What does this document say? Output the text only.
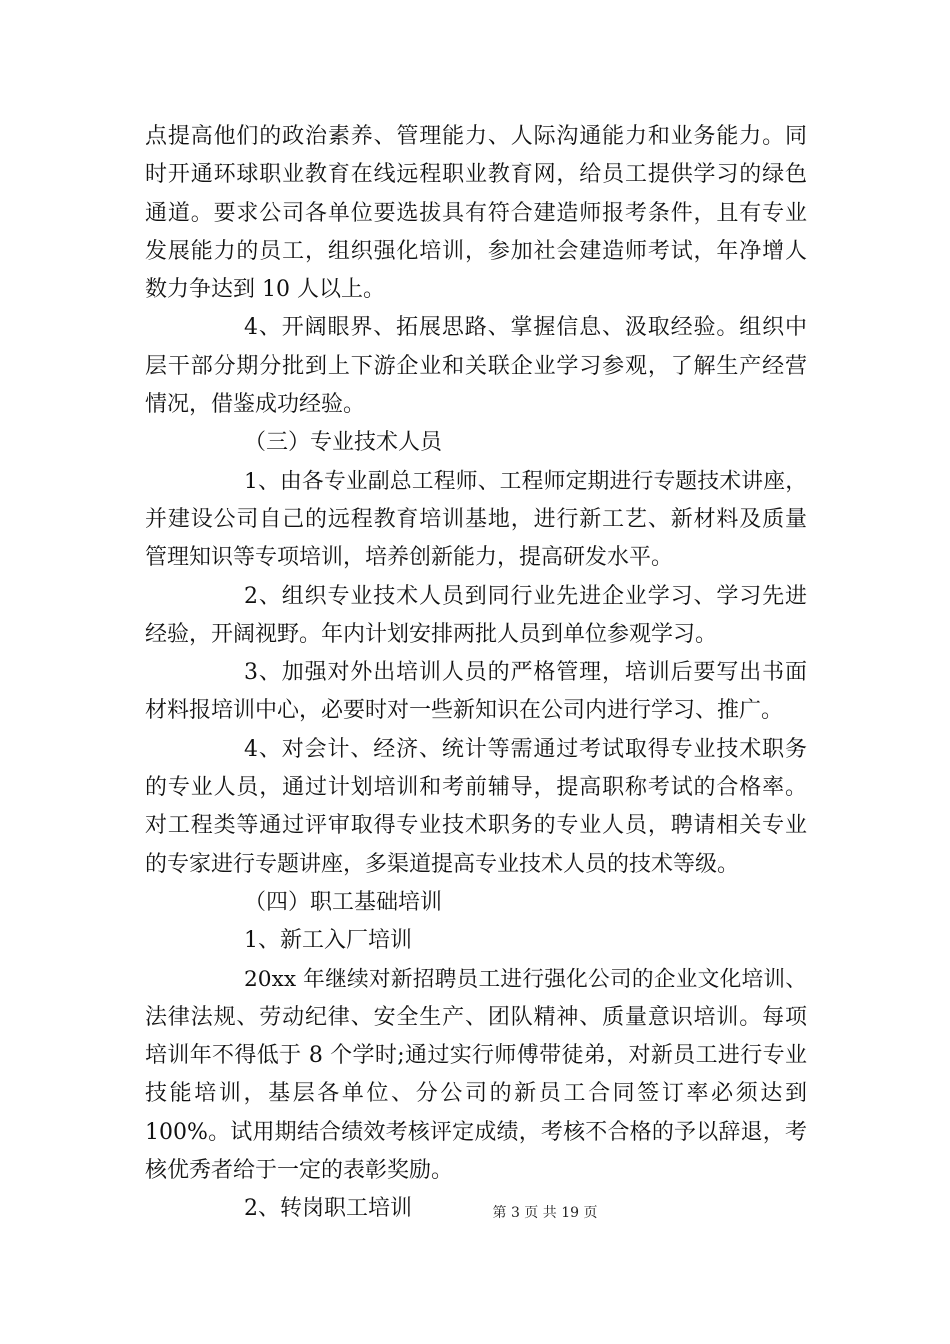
点提高他们的政治素养、管理能力、人际沟通能力和业务能力。同
时开通环球职业教育在线远程职业教育网，给员工提供学习的绿色
通道。要求公司各单位要选拔具有符合建造师报考条件，且有专业
发展能力的员工，组织强化培训，参加社会建造师考试，年净增人
数力争达到 10 人以上。
4、开阔眼界、拓展思路、掌握信息、汲取经验。组织中
层干部分期分批到上下游企业和关联企业学习参观，了解生产经营
情况，借鉴成功经验。
（三）专业技术人员
1、由各专业副总工程师、工程师定期进行专题技术讲座，
并建设公司自己的远程教育培训基地，进行新工艺、新材料及质量
管理知识等专项培训，培养创新能力，提高研发水平。
2、组织专业技术人员到同行业先进企业学习、学习先进
经验，开阔视野。年内计划安排两批人员到单位参观学习。
3、加强对外出培训人员的严格管理，培训后要写出书面
材料报培训中心，必要时对一些新知识在公司内进行学习、推广。
4、对会计、经济、统计等需通过考试取得专业技术职务
的专业人员，通过计划培训和考前辅导，提高职称考试的合格率。
对工程类等通过评审取得专业技术职务的专业人员，聘请相关专业
的专家进行专题讲座，多渠道提高专业技术人员的技术等级。
（四）职工基础培训
1、新工入厂培训
20xx 年继续对新招聘员工进行强化公司的企业文化培训、
法律法规、劳动纪律、安全生产、团队精神、质量意识培训。每项
培训年不得低于 8 个学时;通过实行师傅带徒弟，对新员工进行专业
技能培训，基层各单位、分公司的新员工合同签订率必须达到
100%。试用期结合绩效考核评定成绩，考核不合格的予以辞退，考
核优秀者给于一定的表彰奖励。
2、转岗职工培训	第 3 页 共 19 页
